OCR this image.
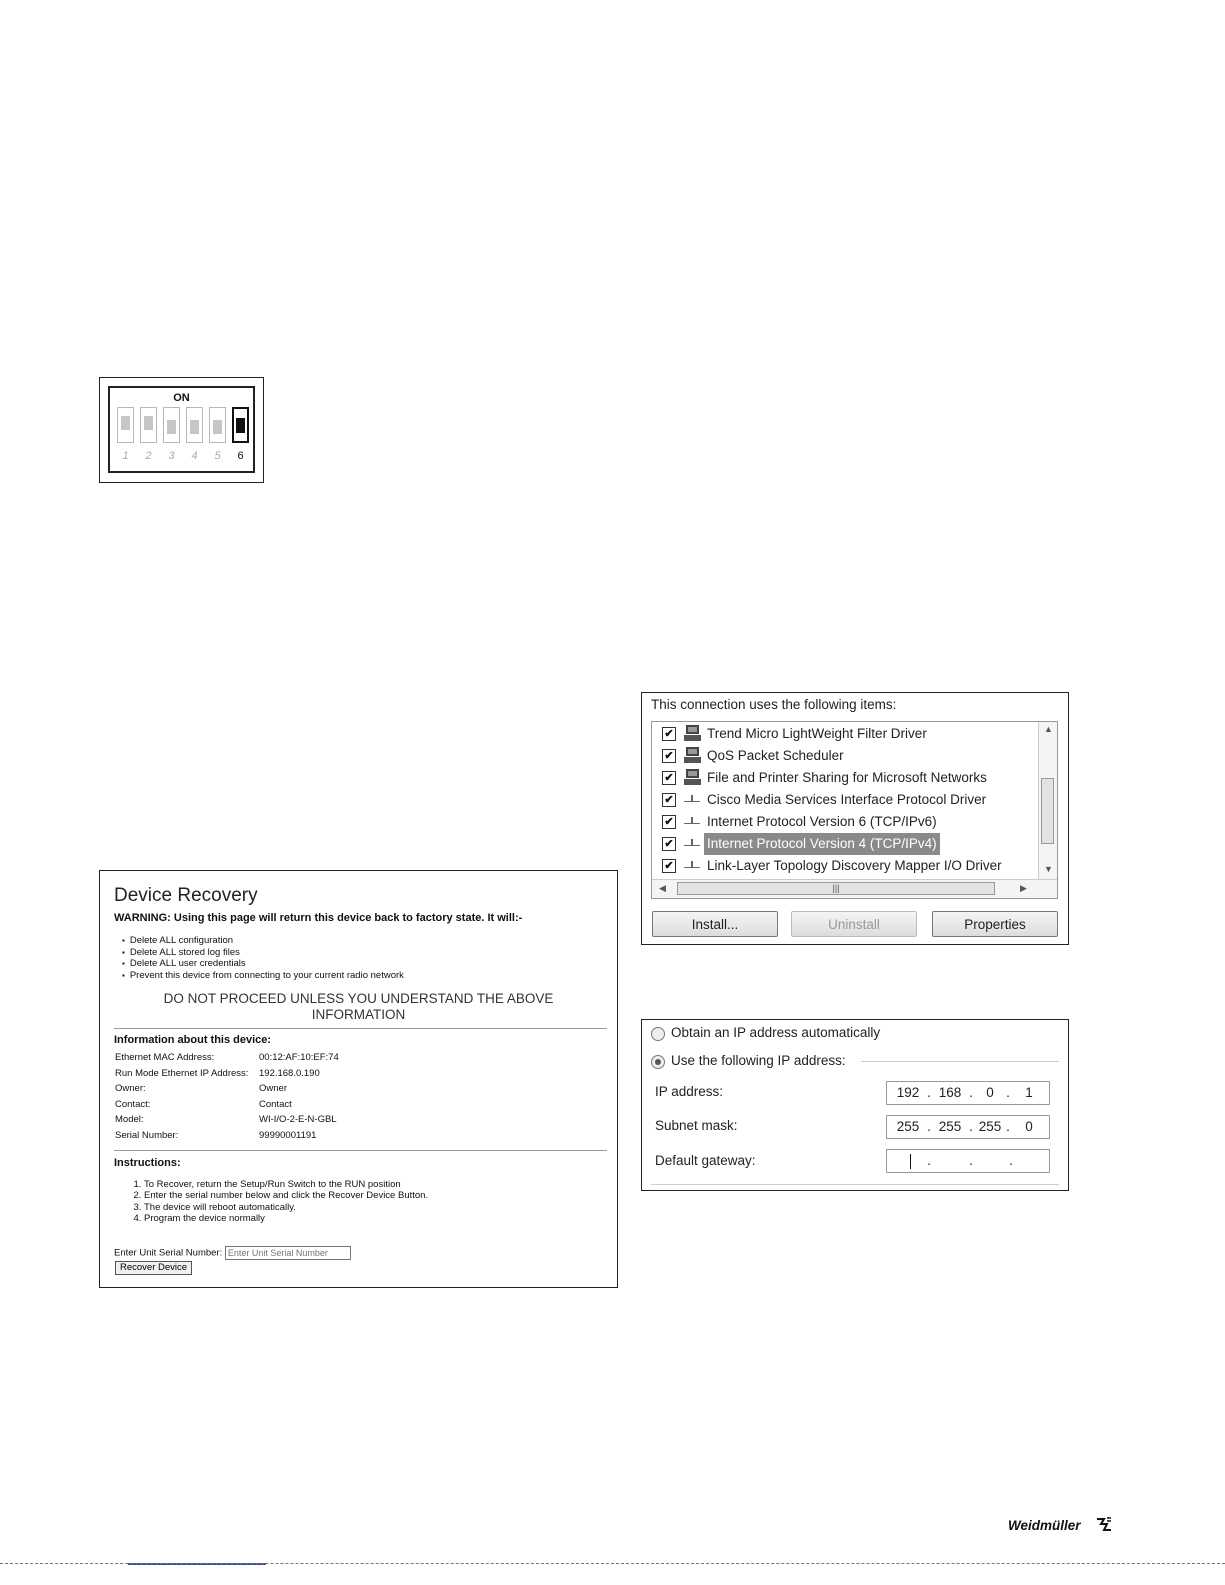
ON
1	2	3	4	5	6
Device Recovery
WARNING: Using this page will return this device back to factory state. It will:-
▪ Delete ALL configuration
▪ Delete ALL stored log files
▪ Delete ALL user credentials
▪ Prevent this device from connecting to your current radio network
DO NOT PROCEED UNLESS YOU UNDERSTAND THE ABOVE INFORMATION
Information about this device:
Ethernet MAC Address:	00:12:AF:10:EF:74
Run Mode Ethernet IP Address:	192.168.0.190
Owner:	Owner
Contact:	Contact
Model:	WI-I/O-2-E-N-GBL
Serial Number:	99990001191
Instructions:
1. To Recover, return the Setup/Run Switch to the RUN position
2. Enter the serial number below and click the Recover Device Button.
3. The device will reboot automatically.
4. Program the device normally
Enter Unit Serial Number: Enter Unit Serial Number
Recover Device
This connection uses the following items:
✔ Trend Micro LightWeight Filter Driver
✔ QoS Packet Scheduler
✔ File and Printer Sharing for Microsoft Networks
✔ Cisco Media Services Interface Protocol Driver
✔ Internet Protocol Version 6 (TCP/IPv6)
✔ Internet Protocol Version 4 (TCP/IPv4)
✔ Link-Layer Topology Discovery Mapper I/O Driver
▲
▼
◀	|||	▶
Install...	Uninstall	Properties
Obtain an IP address automatically
Use the following IP address:
IP address:	192 . 168 . 0 .	1
Subnet mask:	255 . 255 . 255 .	0
Default gateway:	.	.	.
Weidmüller
